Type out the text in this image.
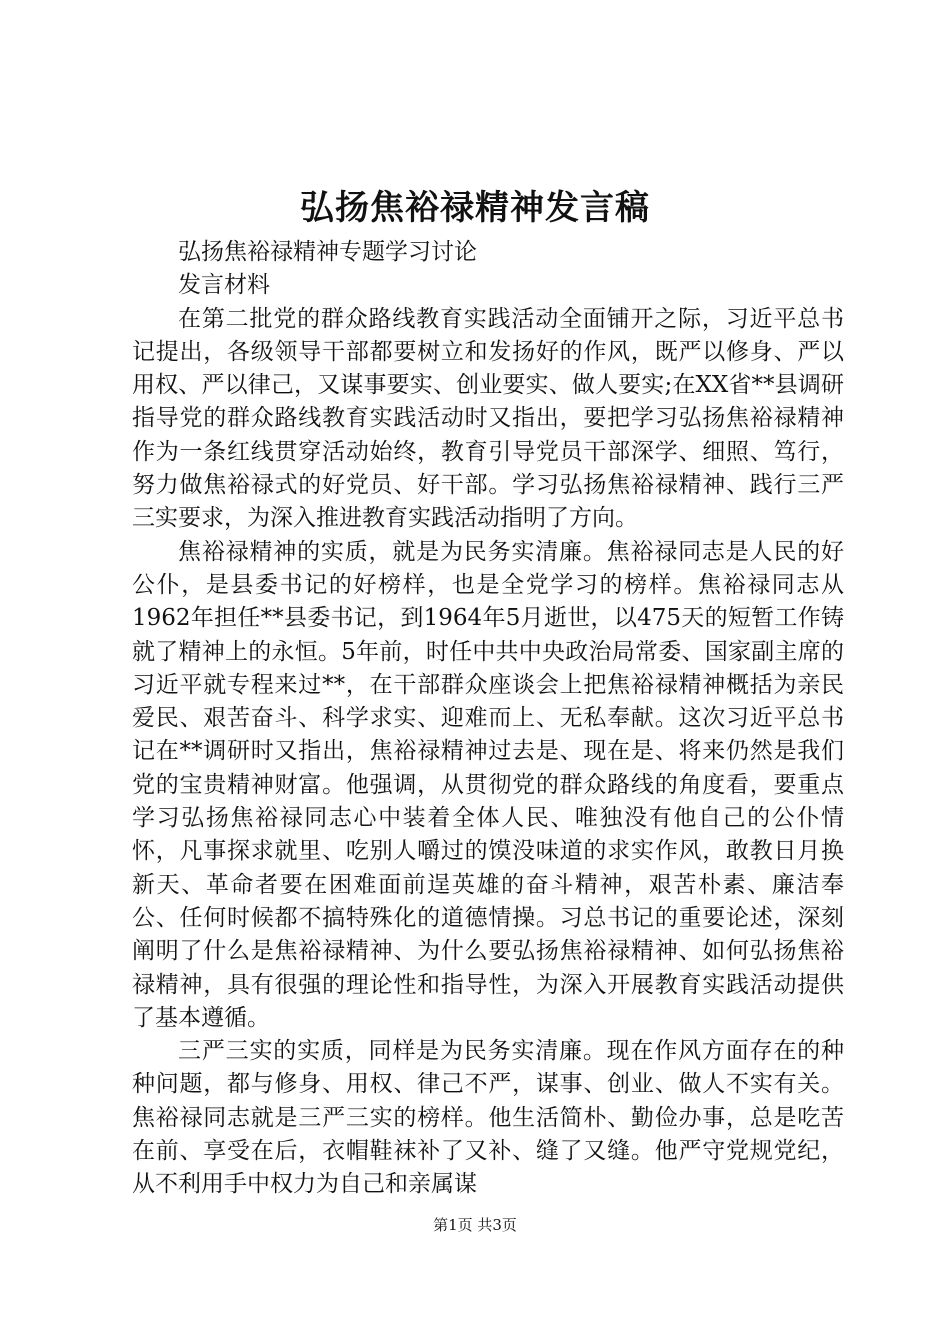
弘扬焦裕禄精神发言稿

弘扬焦裕禄精神专题学习讨论

发言材料

在第二批党的群众路线教育实践活动全面铺开之际，习近平总书记提出，各级领导干部都要树立和发扬好的作风，既严以修身、严以用权、严以律己，又谋事要实、创业要实、做人要实;在XX省**县调研指导党的群众路线教育实践活动时又指出，要把学习弘扬焦裕禄精神作为一条红线贯穿活动始终，教育引导党员干部深学、细照、笃行，努力做焦裕禄式的好党员、好干部。学习弘扬焦裕禄精神、践行三严三实要求，为深入推进教育实践活动指明了方向。

焦裕禄精神的实质，就是为民务实清廉。焦裕禄同志是人民的好公仆，是县委书记的好榜样，也是全党学习的榜样。焦裕禄同志从1962年担任**县委书记，到1964年5月逝世，以475天的短暂工作铸就了精神上的永恒。5年前，时任中共中央政治局常委、国家副主席的习近平就专程来过**，在干部群众座谈会上把焦裕禄精神概括为亲民爱民、艰苦奋斗、科学求实、迎难而上、无私奉献。这次习近平总书记在**调研时又指出，焦裕禄精神过去是、现在是、将来仍然是我们党的宝贵精神财富。他强调，从贯彻党的群众路线的角度看，要重点学习弘扬焦裕禄同志心中装着全体人民、唯独没有他自己的公仆情怀，凡事探求就里、吃别人嚼过的馍没味道的求实作风，敢教日月换新天、革命者要在困难面前逞英雄的奋斗精神，艰苦朴素、廉洁奉公、任何时候都不搞特殊化的道德情操。习总书记的重要论述，深刻阐明了什么是焦裕禄精神、为什么要弘扬焦裕禄精神、如何弘扬焦裕禄精神，具有很强的理论性和指导性，为深入开展教育实践活动提供了基本遵循。

三严三实的实质，同样是为民务实清廉。现在作风方面存在的种种问题，都与修身、用权、律己不严，谋事、创业、做人不实有关。焦裕禄同志就是三严三实的榜样。他生活简朴、勤俭办事，总是吃苦在前、享受在后，衣帽鞋袜补了又补、缝了又缝。他严守党规党纪，从不利用手中权力为自己和亲属谋

第1页 共3页
